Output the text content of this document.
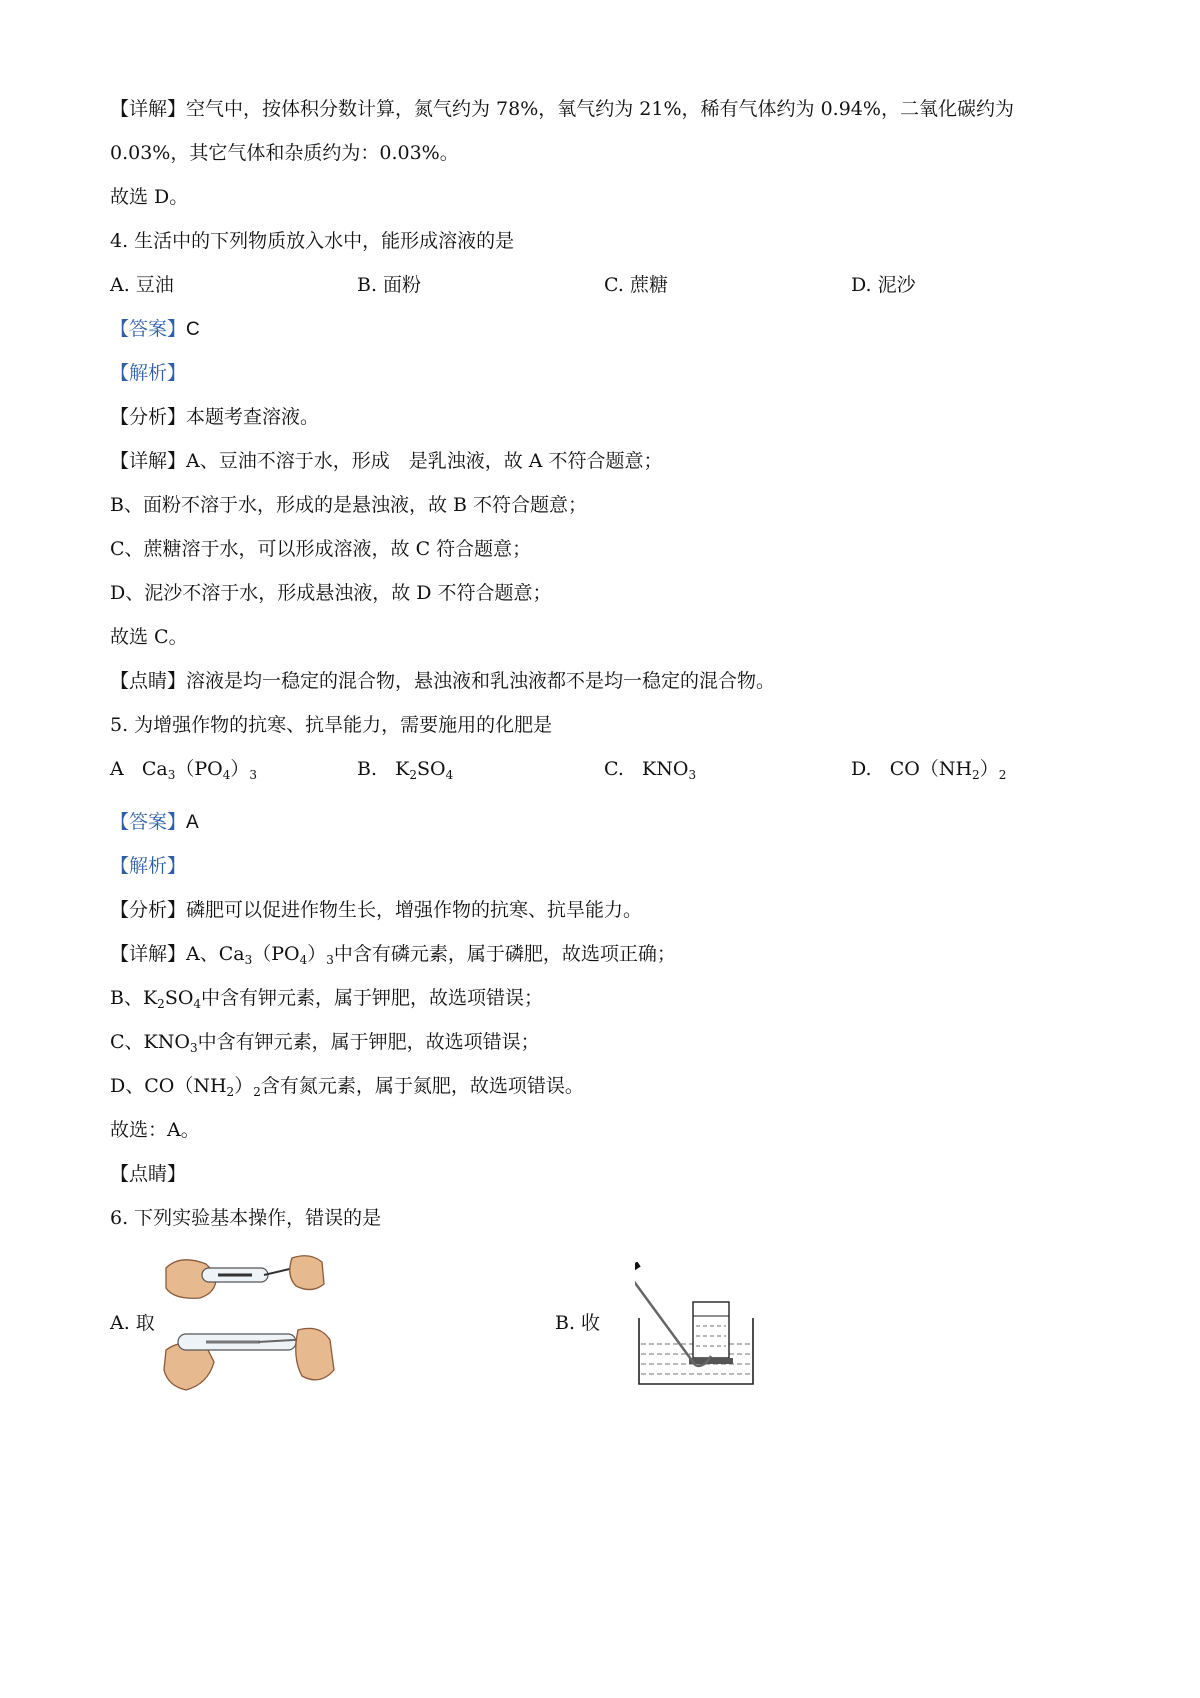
【详解】空气中，按体积分数计算，氮气约为 78%，氧气约为 21%，稀有气体约为 0.94%，二氧化碳约为
0.03%，其它气体和杂质约为：0.03%。
故选 D。
4. 生活中的下列物质放入水中，能形成溶液的是
A. 豆油	B. 面粉	C. 蔗糖	D. 泥沙
【答案】C
【解析】
【分析】本题考查溶液。
【详解】A、豆油不溶于水，形成　是乳浊液，故 A 不符合题意；
B、面粉不溶于水，形成的是悬浊液，故 B 不符合题意；
C、蔗糖溶于水，可以形成溶液，故 C 符合题意；
D、泥沙不溶于水，形成悬浊液，故 D 不符合题意；
故选 C。
【点睛】溶液是均一稳定的混合物，悬浊液和乳浊液都不是均一稳定的混合物。
5. 为增强作物的抗寒、抗旱能力，需要施用的化肥是
A $Ca_3(PO_4)_3$	B. $K_2SO_4$	C. $KNO_3$	D. $CO(NH_2)_2$
【答案】A
【解析】
【分析】磷肥可以促进作物生长，增强作物的抗寒、抗旱能力。
【详解】A、$Ca_3(PO_4)_3$中含有磷元素，属于磷肥，故选项正确；
B、$K_2SO_4$中含有钾元素，属于钾肥，故选项错误；
C、$KNO_3$中含有钾元素，属于钾肥，故选项错误；
D、$CO(NH_2)_2$含有氮元素，属于氮肥，故选项错误。
故选：A。
【点睛】
6. 下列实验基本操作，错误的是
A. 取	B. 收
